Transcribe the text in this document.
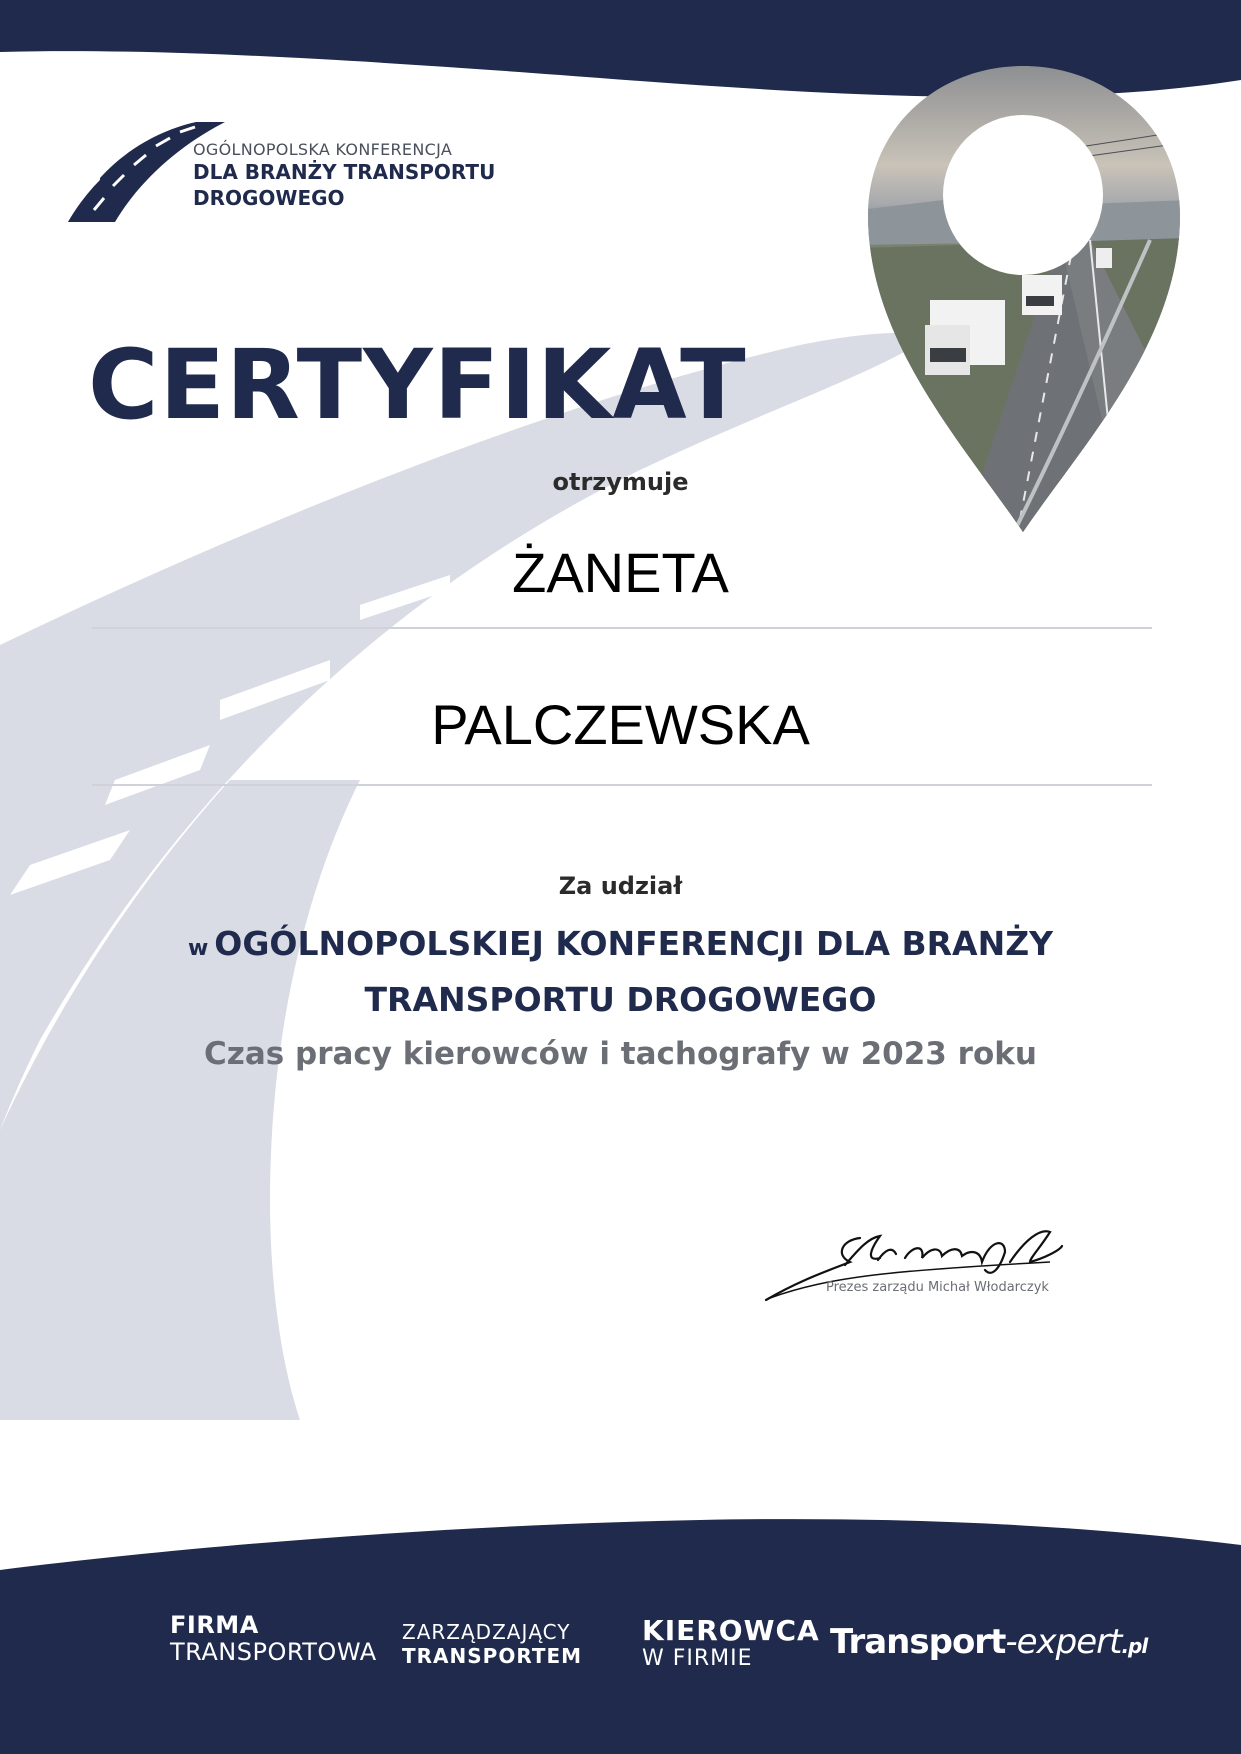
OGÓLNOPOLSKA KONFERENCJA
DLA BRANŻY TRANSPORTU
DROGOWEGO
CERTYFIKAT
otrzymuje
ŻANETA
PALCZEWSKA
Za udział
w OGÓLNOPOLSKIEJ KONFERENCJI DLA BRANŻY
TRANSPORTU DROGOWEGO
Czas pracy kierowców i tachografy w 2023 roku
Prezes zarządu Michał Włodarczyk
FIRMA
TRANSPORTOWA
ZARZĄDZAJĄCY
TRANSPORTEM
KIEROWCA
W FIRMIE Transport-expert.pl
